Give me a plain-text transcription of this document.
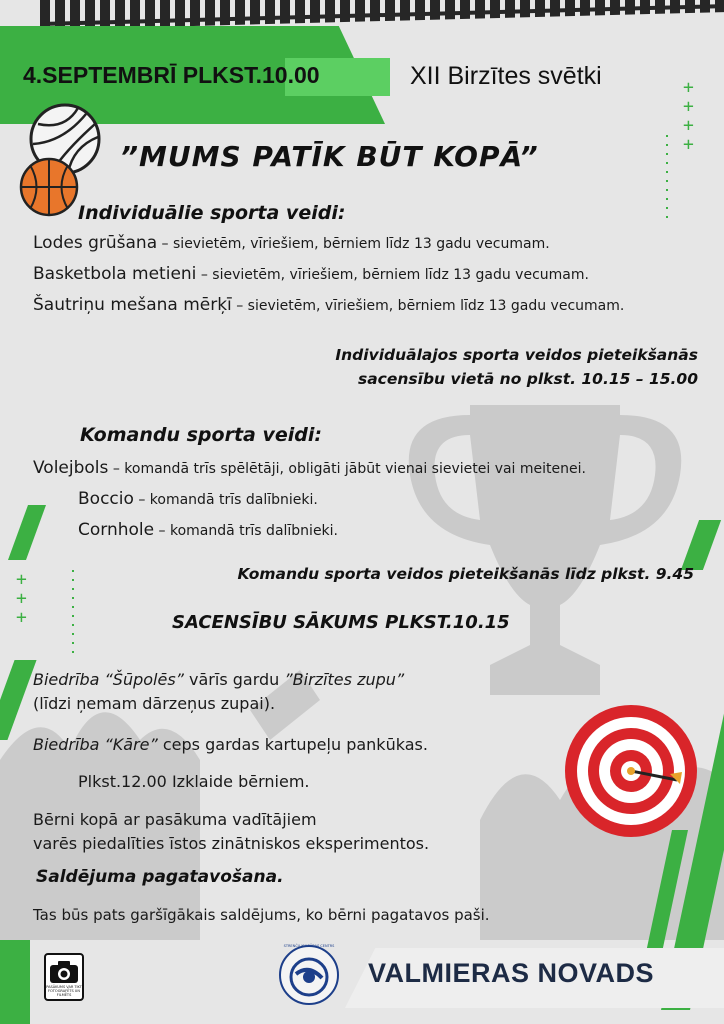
4.SEPTEMBRĪ PLKST.10.00	XII Birzītes svētki	+
+
+
+
+
+
+
”MUMS PATĪK BŪT KOPĀ”
Individuālie sporta veidi:
Lodes grūšana – sievietēm, vīriešiem, bērniem līdz 13 gadu vecumam.
Basketbola metieni – sievietēm, vīriešiem, bērniem līdz 13 gadu vecumam.
Šautriņu mešana mērķī – sievietēm, vīriešiem, bērniem līdz 13 gadu vecumam.
Individuālajos sporta veidos pieteikšanās
sacensību vietā no plkst. 10.15 – 15.00
Komandu sporta veidi:
Volejbols – komandā trīs spēlētāji, obligāti jābūt vienai sievietei vai meitenei.
Boccio – komandā trīs dalībnieki.
Cornhole – komandā trīs dalībnieki.
Komandu sporta veidos pieteikšanās līdz plkst. 9.45
SACENSĪBU SĀKUMS PLKST.10.15
Biedrība “Šūpolēs” vārīs gardu ”Birzītes zupu”
(līdzi ņemam dārzeņus zupai).
Biedrība “Kāre” ceps gardas kartupeļu pankūkas.
Plkst.12.00 Izklaide bērniem.
Bērni kopā ar pasākuma vadītājiem
varēs piedalīties īstos zinātniskos eksperimentos.
Saldējuma pagatavošana.
Tas būs pats garšīgākais saldējums, ko bērni pagatavos paši.
PASĀKUMS VAR TIKT FOTOGRAFĒTS UN FILMĒTS
STRENČU KULTŪRAS CENTRS
VALMIERAS NOVADS
